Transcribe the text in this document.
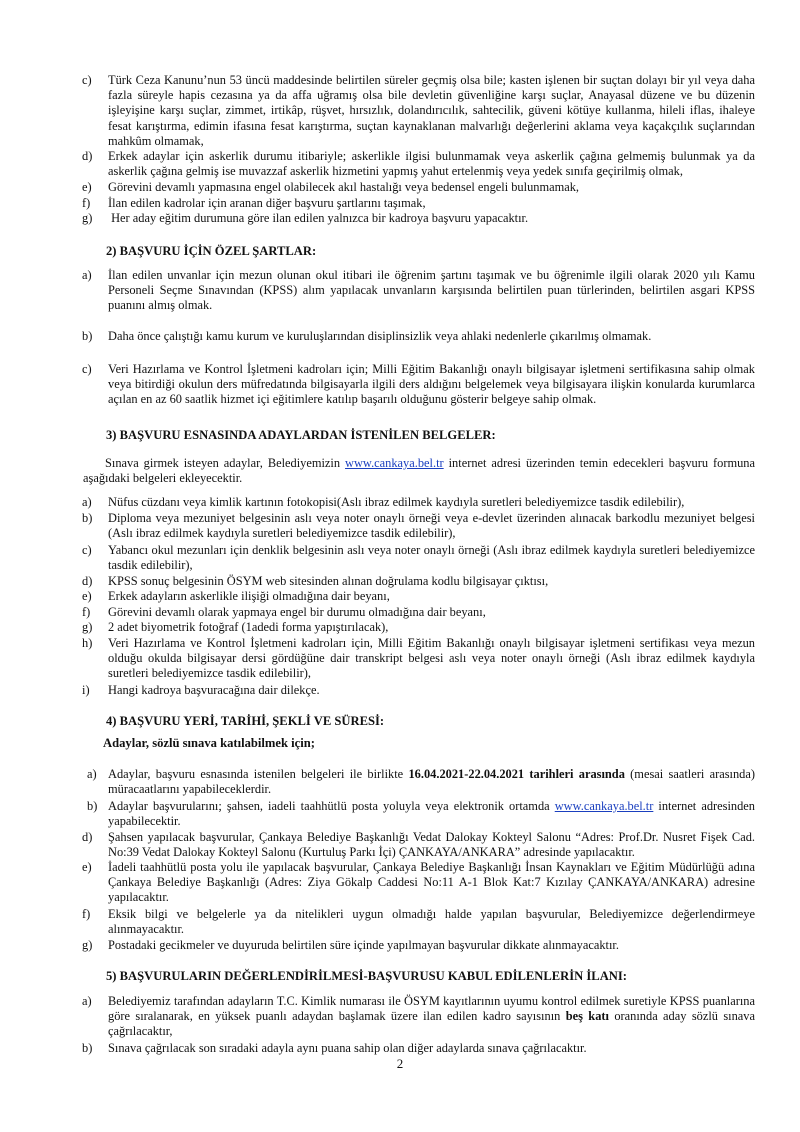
c)	Türk Ceza Kanunu’nun 53 üncü maddesinde belirtilen süreler geçmiş olsa bile; kasten işlenen bir suçtan dolayı bir yıl veya daha fazla süreyle hapis cezasına ya da affa uğramış olsa bile devletin güvenliğine karşı suçlar, Anayasal düzene ve bu düzenin işleyişine karşı suçlar, zimmet, irtikâp, rüşvet, hırsızlık, dolandırıcılık, sahtecilik, güveni kötüye kullanma, hileli iflas, ihaleye fesat karıştırma, edimin ifasına fesat karıştırma, suçtan kaynaklanan malvarlığı değerlerini aklama veya kaçakçılık suçlarından mahkûm olmamak,
d)	Erkek adaylar için askerlik durumu itibariyle; askerlikle ilgisi bulunmamak veya askerlik çağına gelmemiş bulunmak ya da askerlik çağına gelmiş ise muvazzaf askerlik hizmetini yapmış yahut ertelenmiş veya yedek sınıfa geçirilmiş olmak,
e)	Görevini devamlı yapmasına engel olabilecek akıl hastalığı veya bedensel engeli bulunmamak,
f)	İlan edilen kadrolar için aranan diğer başvuru şartlarını taşımak,
g)	Her aday eğitim durumuna göre ilan edilen yalnızca bir kadroya başvuru yapacaktır.
2) BAŞVURU İÇİN ÖZEL ŞARTLAR:
a)	İlan edilen unvanlar için mezun olunan okul itibari ile öğrenim şartını taşımak ve bu öğrenimle ilgili olarak 2020 yılı Kamu Personeli Seçme Sınavından (KPSS) alım yapılacak unvanların karşısında belirtilen puan türlerinden, belirtilen asgari KPSS puanını almış olmak.
b)	Daha önce çalıştığı kamu kurum ve kuruluşlarından disiplinsizlik veya ahlaki nedenlerle çıkarılmış olmamak.
c)	Veri Hazırlama ve Kontrol İşletmeni kadroları için; Milli Eğitim Bakanlığı onaylı bilgisayar işletmeni sertifikasına sahip olmak veya bitirdiği okulun ders müfredatında bilgisayarla ilgili ders aldığını belgelemek veya bilgisayara ilişkin konularda kurumlarca açılan en az 60 saatlik hizmet içi eğitimlere katılıp başarılı olduğunu gösterir belgeye sahip olmak.
3) BAŞVURU ESNASINDA ADAYLARDAN İSTENİLEN BELGELER:
Sınava girmek isteyen adaylar, Belediyemizin www.cankaya.bel.tr internet adresi üzerinden temin edecekleri başvuru formuna aşağıdaki belgeleri ekleyecektir.
a)	Nüfus cüzdanı veya kimlik kartının fotokopisi(Aslı ibraz edilmek kaydıyla suretleri belediyemizce tasdik edilebilir),
b)	Diploma veya mezuniyet belgesinin aslı veya noter onaylı örneği veya e-devlet üzerinden alınacak barkodlu mezuniyet belgesi (Aslı ibraz edilmek kaydıyla suretleri belediyemizce tasdik edilebilir),
c)	Yabancı okul mezunları için denklik belgesinin aslı veya noter onaylı örneği (Aslı ibraz edilmek kaydıyla suretleri belediyemizce tasdik edilebilir),
d)	KPSS sonuç belgesinin ÖSYM web sitesinden alınan doğrulama kodlu bilgisayar çıktısı,
e)	Erkek adayların askerlikle ilişiği olmadığına dair beyanı,
f)	Görevini devamlı olarak yapmaya engel bir durumu olmadığına dair beyanı,
g)	2 adet biyometrik fotoğraf (1adedi forma yapıştırılacak),
h)	Veri Hazırlama ve Kontrol İşletmeni kadroları için, Milli Eğitim Bakanlığı onaylı bilgisayar işletmeni sertifikası veya mezun olduğu okulda bilgisayar dersi gördüğüne dair transkript belgesi aslı veya noter onaylı örneği (Aslı ibraz edilmek kaydıyla suretleri belediyemizce tasdik edilebilir),
i)	Hangi kadroya başvuracağına dair dilekçe.
4) BAŞVURU YERİ, TARİHİ, ŞEKLİ VE SÜRESİ:
Adaylar, sözlü sınava katılabilmek için;
a) Adaylar, başvuru esnasında istenilen belgeleri ile birlikte 16.04.2021-22.04.2021 tarihleri arasında (mesai saatleri arasında) müracaatlarını yapabileceklerdir.
b) Adaylar başvurularını; şahsen, iadeli taahhütlü posta yoluyla veya elektronik ortamda www.cankaya.bel.tr internet adresinden yapabilecektir.
d)	Şahsen yapılacak başvurular, Çankaya Belediye Başkanlığı Vedat Dalokay Kokteyl Salonu “Adres: Prof.Dr. Nusret Fişek Cad. No:39 Vedat Dalokay Kokteyl Salonu (Kurtuluş Parkı İçi) ÇANKAYA/ANKARA” adresinde yapılacaktır.
e)	İadeli taahhütlü posta yolu ile yapılacak başvurular, Çankaya Belediye Başkanlığı İnsan Kaynakları ve Eğitim Müdürlüğü adına Çankaya Belediye Başkanlığı (Adres: Ziya Gökalp Caddesi No:11 A-1 Blok Kat:7 Kızılay ÇANKAYA/ANKARA) adresine yapılacaktır.
f)	Eksik bilgi ve belgelerle ya da nitelikleri uygun olmadığı halde yapılan başvurular, Belediyemizce değerlendirmeye alınmayacaktır.
g)	Postadaki gecikmeler ve duyuruda belirtilen süre içinde yapılmayan başvurular dikkate alınmayacaktır.
5) BAŞVURULARIN DEĞERLENDİRİLMESİ-BAŞVURUSU KABUL EDİLENLERİN İLANI:
a)	Belediyemiz tarafından adayların T.C. Kimlik numarası ile ÖSYM kayıtlarının uyumu kontrol edilmek suretiyle KPSS puanlarına göre sıralanarak, en yüksek puanlı adaydan başlamak üzere ilan edilen kadro sayısının beş katı oranında aday sözlü sınava çağrılacaktır,
b)	Sınava çağrılacak son sıradaki adayla aynı puana sahip olan diğer adaylarda sınava çağrılacaktır.
2
